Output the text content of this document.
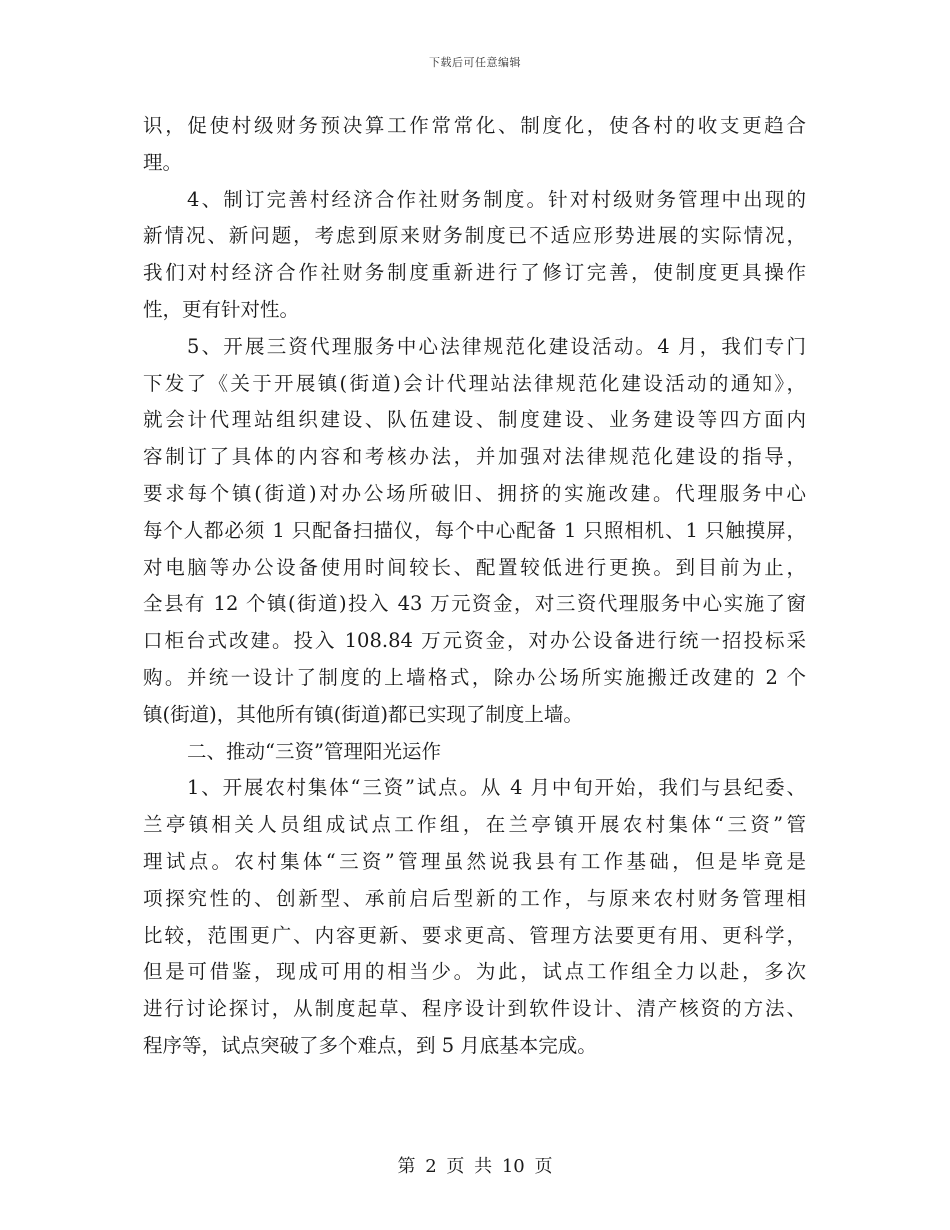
下载后可任意编辑
识，促使村级财务预决算工作常常化、制度化，使各村的收支更趋合
理。
4、制订完善村经济合作社财务制度。针对村级财务管理中出现的
新情况、新问题，考虑到原来财务制度已不适应形势进展的实际情况，
我们对村经济合作社财务制度重新进行了修订完善，使制度更具操作
性，更有针对性。
5、开展三资代理服务中心法律规范化建设活动。4 月，我们专门
下发了《关于开展镇(街道)会计代理站法律规范化建设活动的通知》，
就会计代理站组织建设、队伍建设、制度建设、业务建设等四方面内
容制订了具体的内容和考核办法，并加强对法律规范化建设的指导，
要求每个镇(街道)对办公场所破旧、拥挤的实施改建。代理服务中心
每个人都必须 1 只配备扫描仪，每个中心配备 1 只照相机、1 只触摸屏，
对电脑等办公设备使用时间较长、配置较低进行更换。到目前为止，
全县有 12 个镇(街道)投入 43 万元资金，对三资代理服务中心实施了窗
口柜台式改建。投入 108.84 万元资金，对办公设备进行统一招投标采
购。并统一设计了制度的上墙格式，除办公场所实施搬迁改建的 2 个
镇(街道)，其他所有镇(街道)都已实现了制度上墙。
二、推动“三资”管理阳光运作
1、开展农村集体“三资”试点。从 4 月中旬开始，我们与县纪委、
兰亭镇相关人员组成试点工作组，在兰亭镇开展农村集体“三资”管
理试点。农村集体“三资”管理虽然说我县有工作基础，但是毕竟是
项探究性的、创新型、承前启后型新的工作，与原来农村财务管理相
比较，范围更广、内容更新、要求更高、管理方法要更有用、更科学，
但是可借鉴，现成可用的相当少。为此，试点工作组全力以赴，多次
进行讨论探讨，从制度起草、程序设计到软件设计、清产核资的方法、
程序等，试点突破了多个难点，到 5 月底基本完成。
第 2 页 共 10 页
